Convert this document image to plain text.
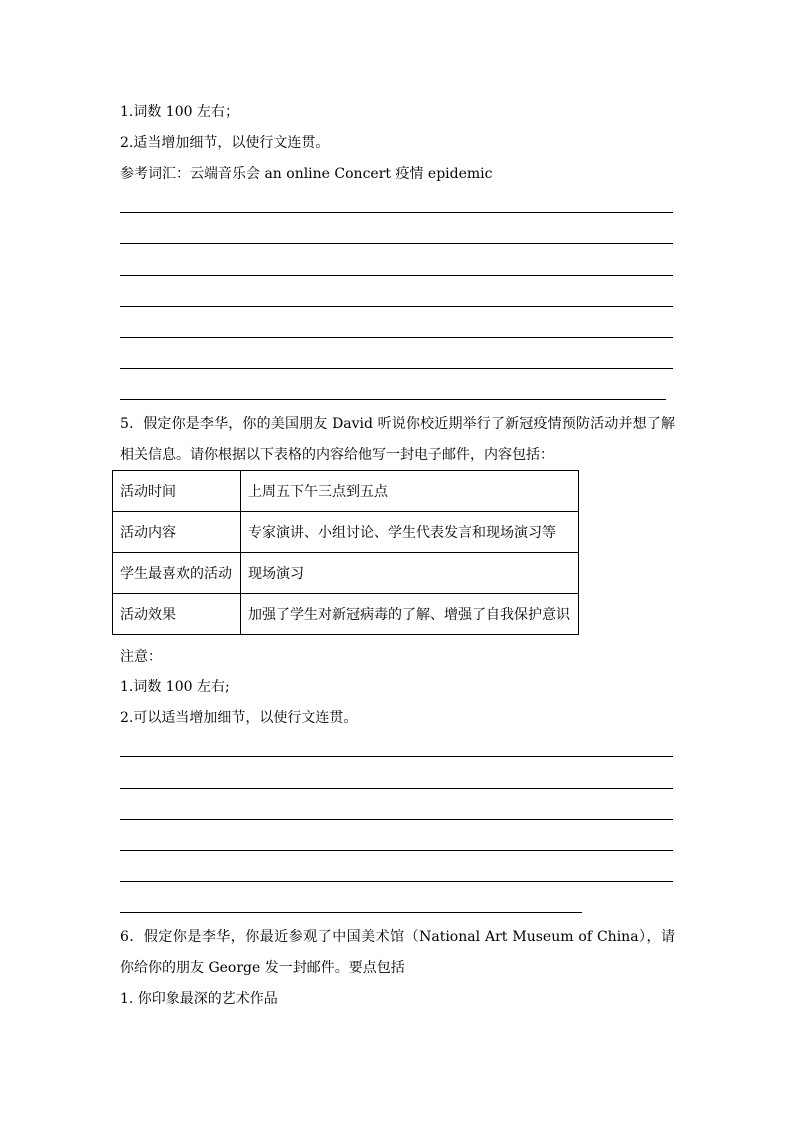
1.词数 100 左右；
2.适当增加细节，以使行文连贯。
参考词汇：云端音乐会 an online Concert 疫情 epidemic
5．假定你是李华，你的美国朋友 David 听说你校近期举行了新冠疫情预防活动并想了解相关信息。请你根据以下表格的内容给他写一封电子邮件，内容包括：
活动时间	上周五下午三点到五点
活动内容	专家演讲、小组讨论、学生代表发言和现场演习等
学生最喜欢的活动	现场演习
活动效果	加强了学生对新冠病毒的了解、增强了自我保护意识
注意：
1.词数 100 左右;
2.可以适当增加细节，以使行文连贯。
6．假定你是李华，你最近参观了中国美术馆（National Art Museum of China），请你给你的朋友 George 发一封邮件。要点包括
1. 你印象最深的艺术作品
